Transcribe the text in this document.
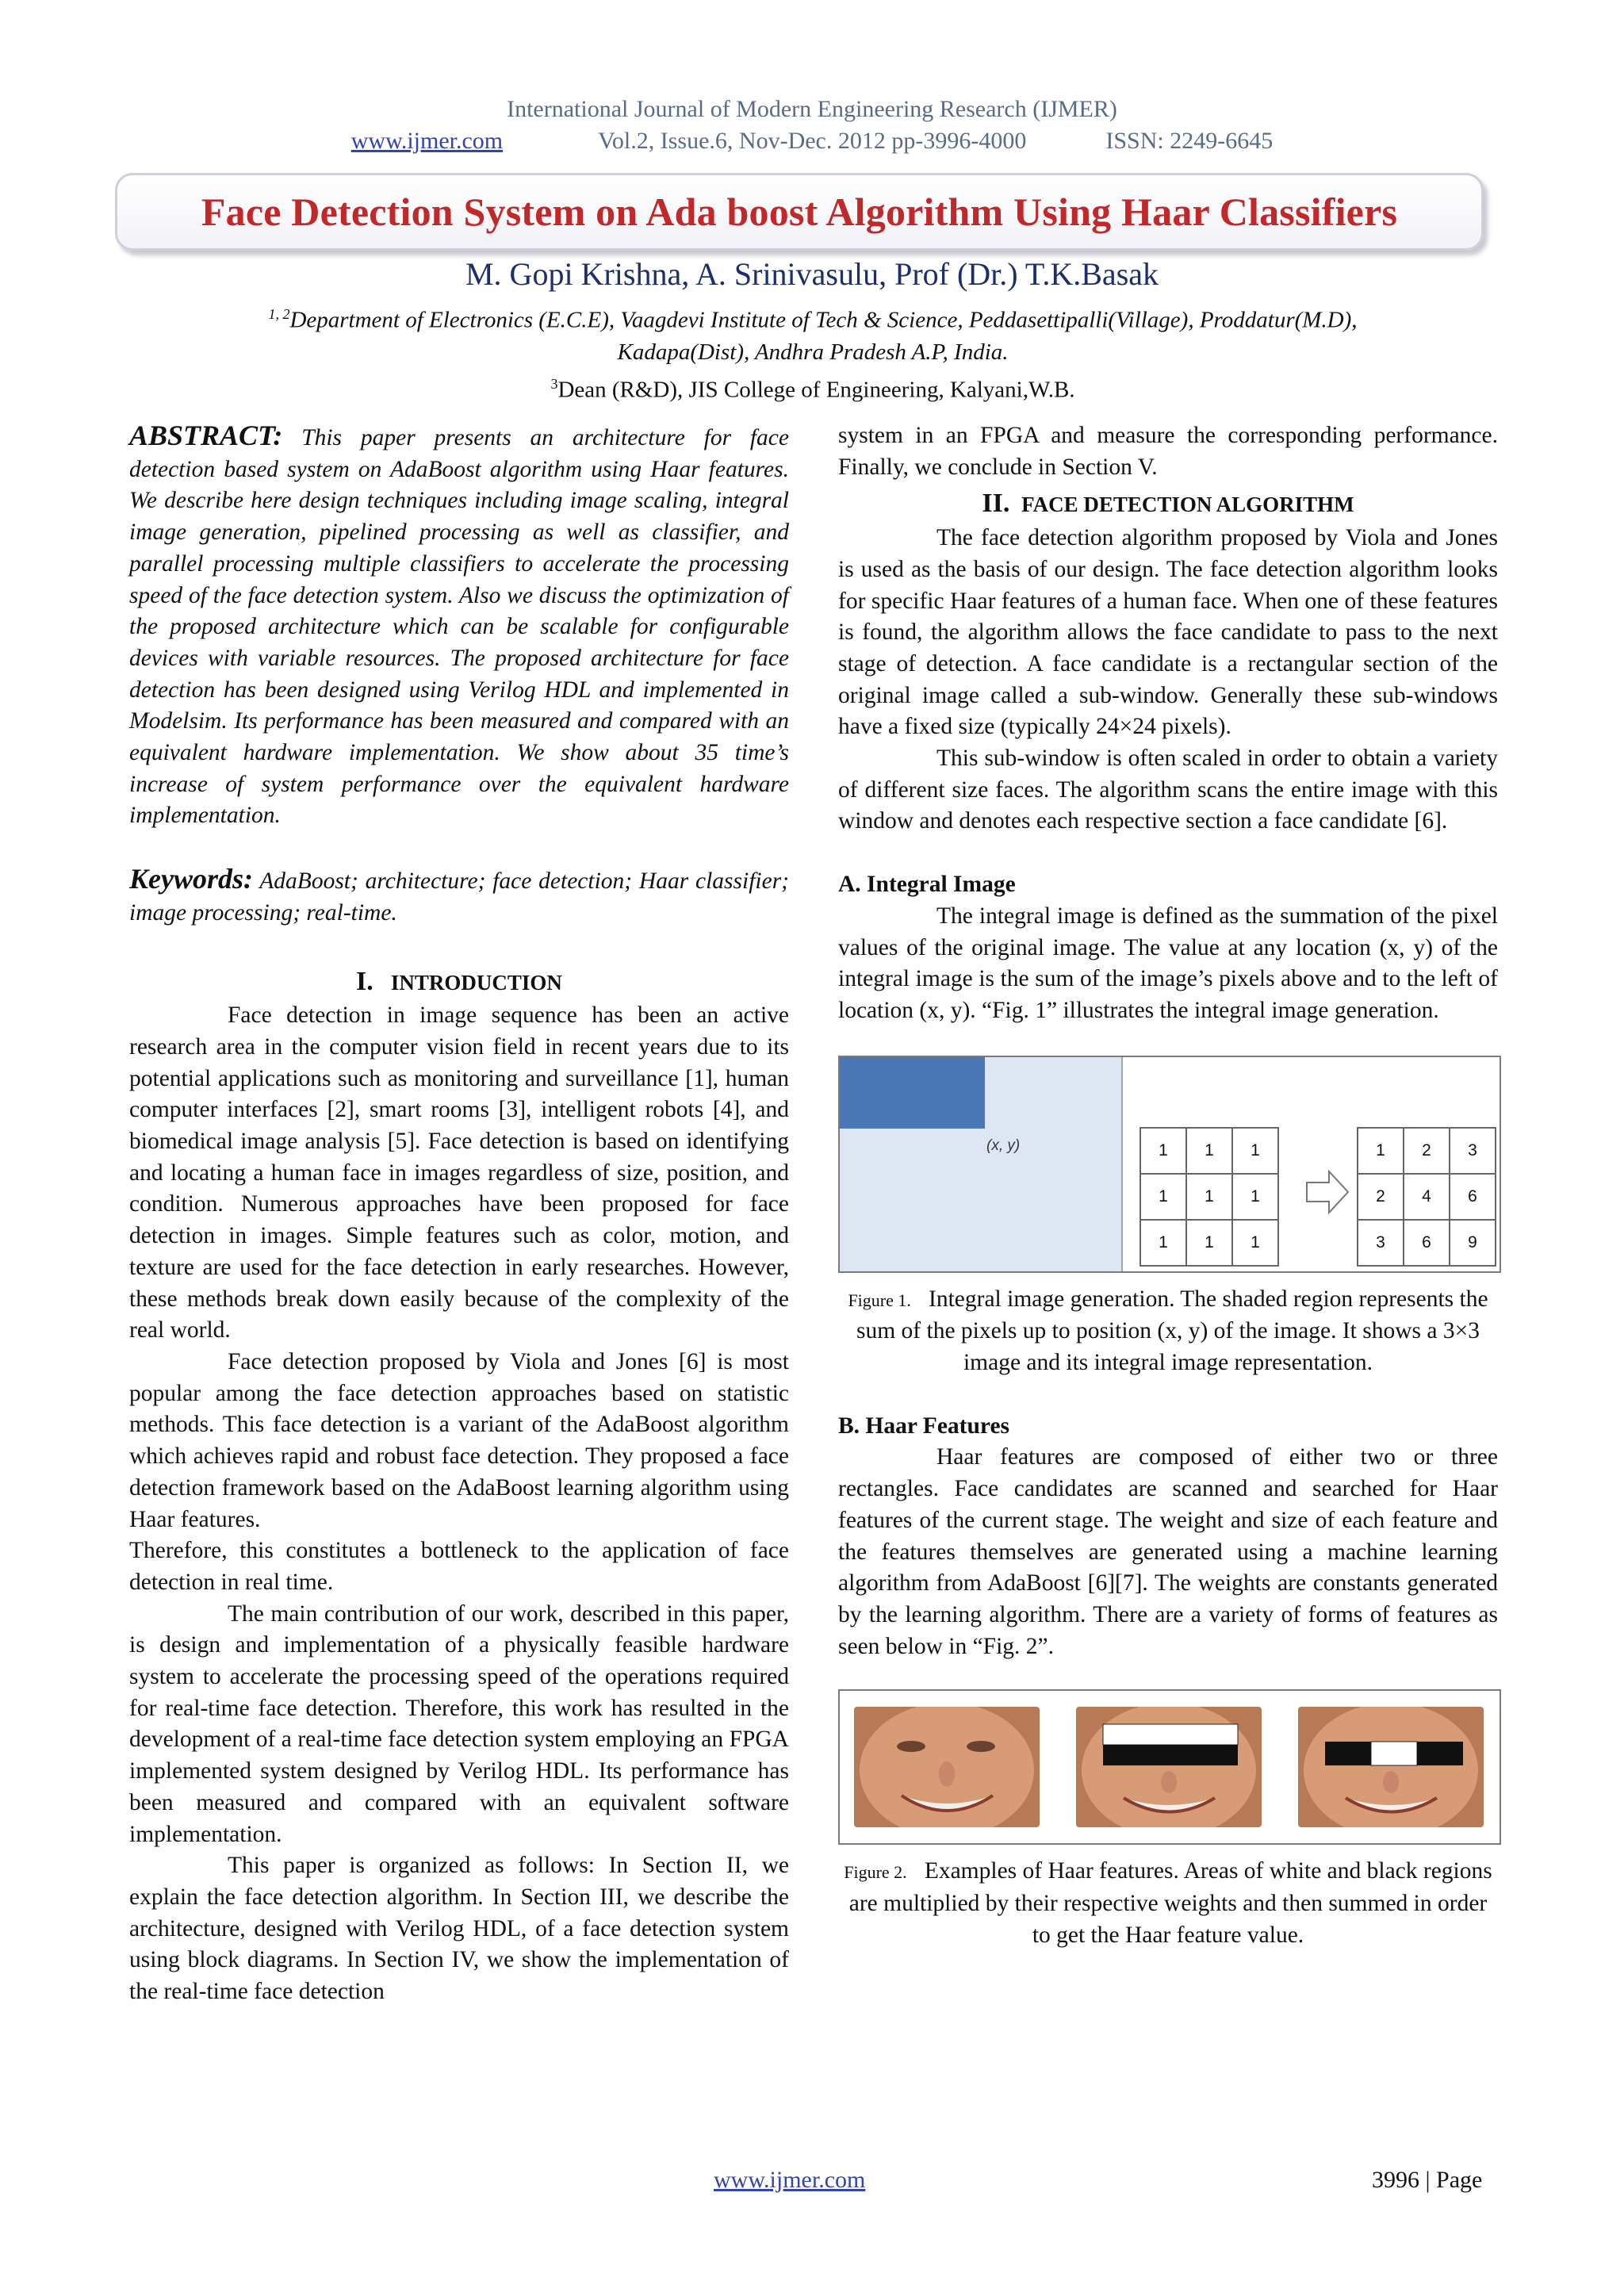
International Journal of Modern Engineering Research (IJMER)
www.ijmer.com	Vol.2, Issue.6, Nov-Dec. 2012 pp-3996-4000	ISSN: 2249-6645
Face Detection System on Ada boost Algorithm Using Haar Classifiers
M. Gopi Krishna, A. Srinivasulu, Prof (Dr.) T.K.Basak
$^{1, 2}$Department of Electronics (E.C.E), Vaagdevi Institute of Tech & Science, Peddasettipalli(Village), Proddatur(M.D),
Kadapa(Dist), Andhra Pradesh A.P, India.
$^3$Dean (R&D), JIS College of Engineering, Kalyani,W.B.

ABSTRACT: This paper presents an architecture for face detection based system on AdaBoost algorithm using Haar features. We describe here design techniques including image scaling, integral image generation, pipelined processing as well as classifier, and parallel processing multiple classifiers to accelerate the processing speed of the face detection system. Also we discuss the optimization of the proposed architecture which can be scalable for configurable devices with variable resources. The proposed architecture for face detection has been designed using Verilog HDL and implemented in Modelsim. Its performance has been measured and compared with an equivalent hardware implementation. We show about 35 time’s increase of system performance over the equivalent hardware implementation.

Keywords: AdaBoost; architecture; face detection; Haar classifier; image processing; real-time.

I. INTRODUCTION

Face detection in image sequence has been an active research area in the computer vision field in recent years due to its potential applications such as monitoring and surveillance [1], human computer interfaces [2], smart rooms [3], intelligent robots [4], and biomedical image analysis [5]. Face detection is based on identifying and locating a human face in images regardless of size, position, and condition. Numerous approaches have been proposed for face detection in images. Simple features such as color, motion, and texture are used for the face detection in early researches. However, these methods break down easily because of the complexity of the real world.

Face detection proposed by Viola and Jones [6] is most popular among the face detection approaches based on statistic methods. This face detection is a variant of the AdaBoost algorithm which achieves rapid and robust face detection. They proposed a face detection framework based on the AdaBoost learning algorithm using Haar features.

Therefore, this constitutes a bottleneck to the application of face detection in real time.

The main contribution of our work, described in this paper, is design and implementation of a physically feasible hardware system to accelerate the processing speed of the operations required for real-time face detection. Therefore, this work has resulted in the development of a real-time face detection system employing an FPGA implemented system designed by Verilog HDL. Its performance has been measured and compared with an equivalent software implementation.

This paper is organized as follows: In Section II, we explain the face detection algorithm. In Section III, we describe the architecture, designed with Verilog HDL, of a face detection system using block diagrams. In Section IV, we show the implementation of the real-time face detection

system in an FPGA and measure the corresponding performance. Finally, we conclude in Section V.

II. FACE DETECTION ALGORITHM

The face detection algorithm proposed by Viola and Jones is used as the basis of our design. The face detection algorithm looks for specific Haar features of a human face. When one of these features is found, the algorithm allows the face candidate to pass to the next stage of detection. A face candidate is a rectangular section of the original image called a sub-window. Generally these sub-windows have a fixed size (typically 24×24 pixels).

This sub-window is often scaled in order to obtain a variety of different size faces. The algorithm scans the entire image with this window and denotes each respective section a face candidate [6].

A. Integral Image

The integral image is defined as the summation of the pixel values of the original image. The value at any location (x, y) of the integral image is the sum of the image’s pixels above and to the left of location (x, y). “Fig. 1” illustrates the integral image generation.

(x, y)	1	1	1
1	1	1
1	1	1
1	2	3
2	4	6
3	6	9
Figure 1. Integral image generation. The shaded region represents the sum of the pixels up to position (x, y) of the image. It shows a 3×3 image and its integral image representation.

B. Haar Features

Haar features are composed of either two or three rectangles. Face candidates are scanned and searched for Haar features of the current stage. The weight and size of each feature and the features themselves are generated using a machine learning algorithm from AdaBoost [6][7]. The weights are constants generated by the learning algorithm. There are a variety of forms of features as seen below in “Fig. 2”.

Figure 2. Examples of Haar features. Areas of white and black regions are multiplied by their respective weights and then summed in order to get the Haar feature value.
www.ijmer.com	3996 | Page
